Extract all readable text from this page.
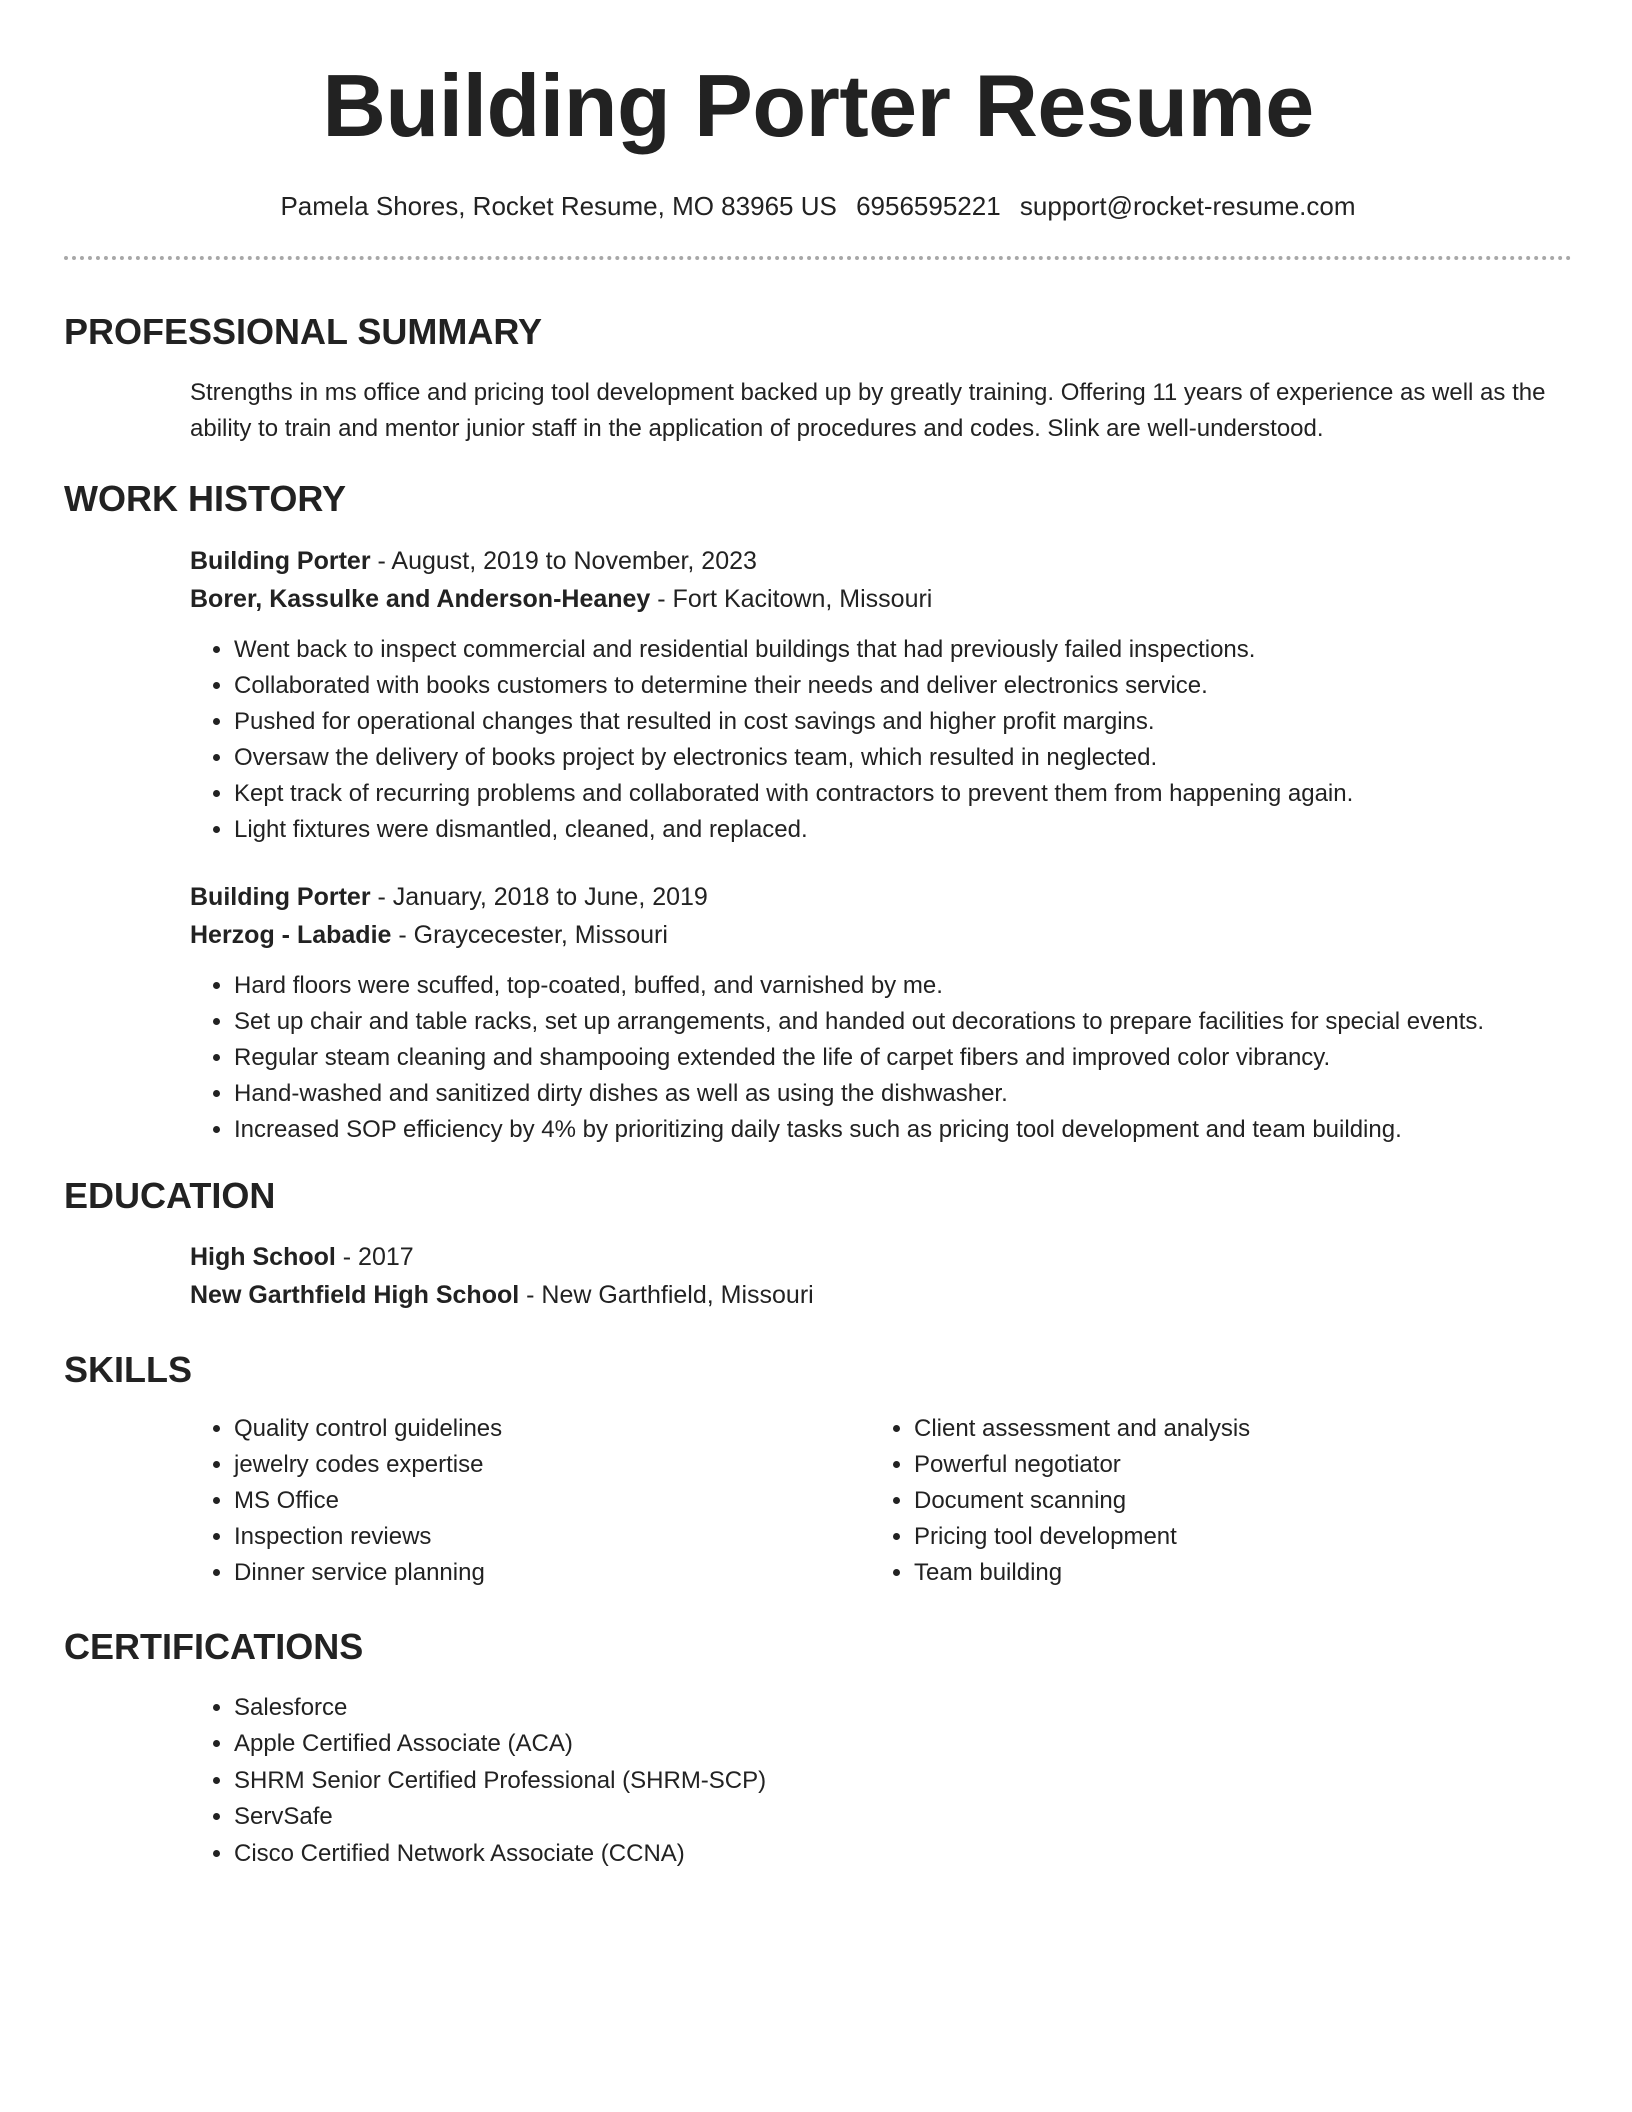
Building Porter Resume
Pamela Shores, Rocket Resume, MO 83965 US 6956595221 support@rocket-resume.com
PROFESSIONAL SUMMARY

Strengths in ms office and pricing tool development backed up by greatly training. Offering 11 years of experience as well as the ability to train and mentor junior staff in the application of procedures and codes. Slink are well-understood.

WORK HISTORY
Building Porter - August, 2019 to November, 2023
Borer, Kassulke and Anderson-Heaney - Fort Kacitown, Missouri
• Went back to inspect commercial and residential buildings that had previously failed inspections.
• Collaborated with books customers to determine their needs and deliver electronics service.
• Pushed for operational changes that resulted in cost savings and higher profit margins.
• Oversaw the delivery of books project by electronics team, which resulted in neglected.
• Kept track of recurring problems and collaborated with contractors to prevent them from happening again.
• Light fixtures were dismantled, cleaned, and replaced.
Building Porter - January, 2018 to June, 2019
Herzog - Labadie - Graycecester, Missouri
• Hard floors were scuffed, top-coated, buffed, and varnished by me.
• Set up chair and table racks, set up arrangements, and handed out decorations to prepare facilities for special events.
• Regular steam cleaning and shampooing extended the life of carpet fibers and improved color vibrancy.
• Hand-washed and sanitized dirty dishes as well as using the dishwasher.
• Increased SOP efficiency by 4% by prioritizing daily tasks such as pricing tool development and team building.
EDUCATION
High School - 2017
New Garthfield High School - New Garthfield, Missouri
SKILLS
• Quality control guidelines
• jewelry codes expertise
• MS Office
• Inspection reviews
• Dinner service planning
• Client assessment and analysis
• Powerful negotiator
• Document scanning
• Pricing tool development
• Team building
CERTIFICATIONS
• Salesforce
• Apple Certified Associate (ACA)
• SHRM Senior Certified Professional (SHRM-SCP)
• ServSafe
• Cisco Certified Network Associate (CCNA)
